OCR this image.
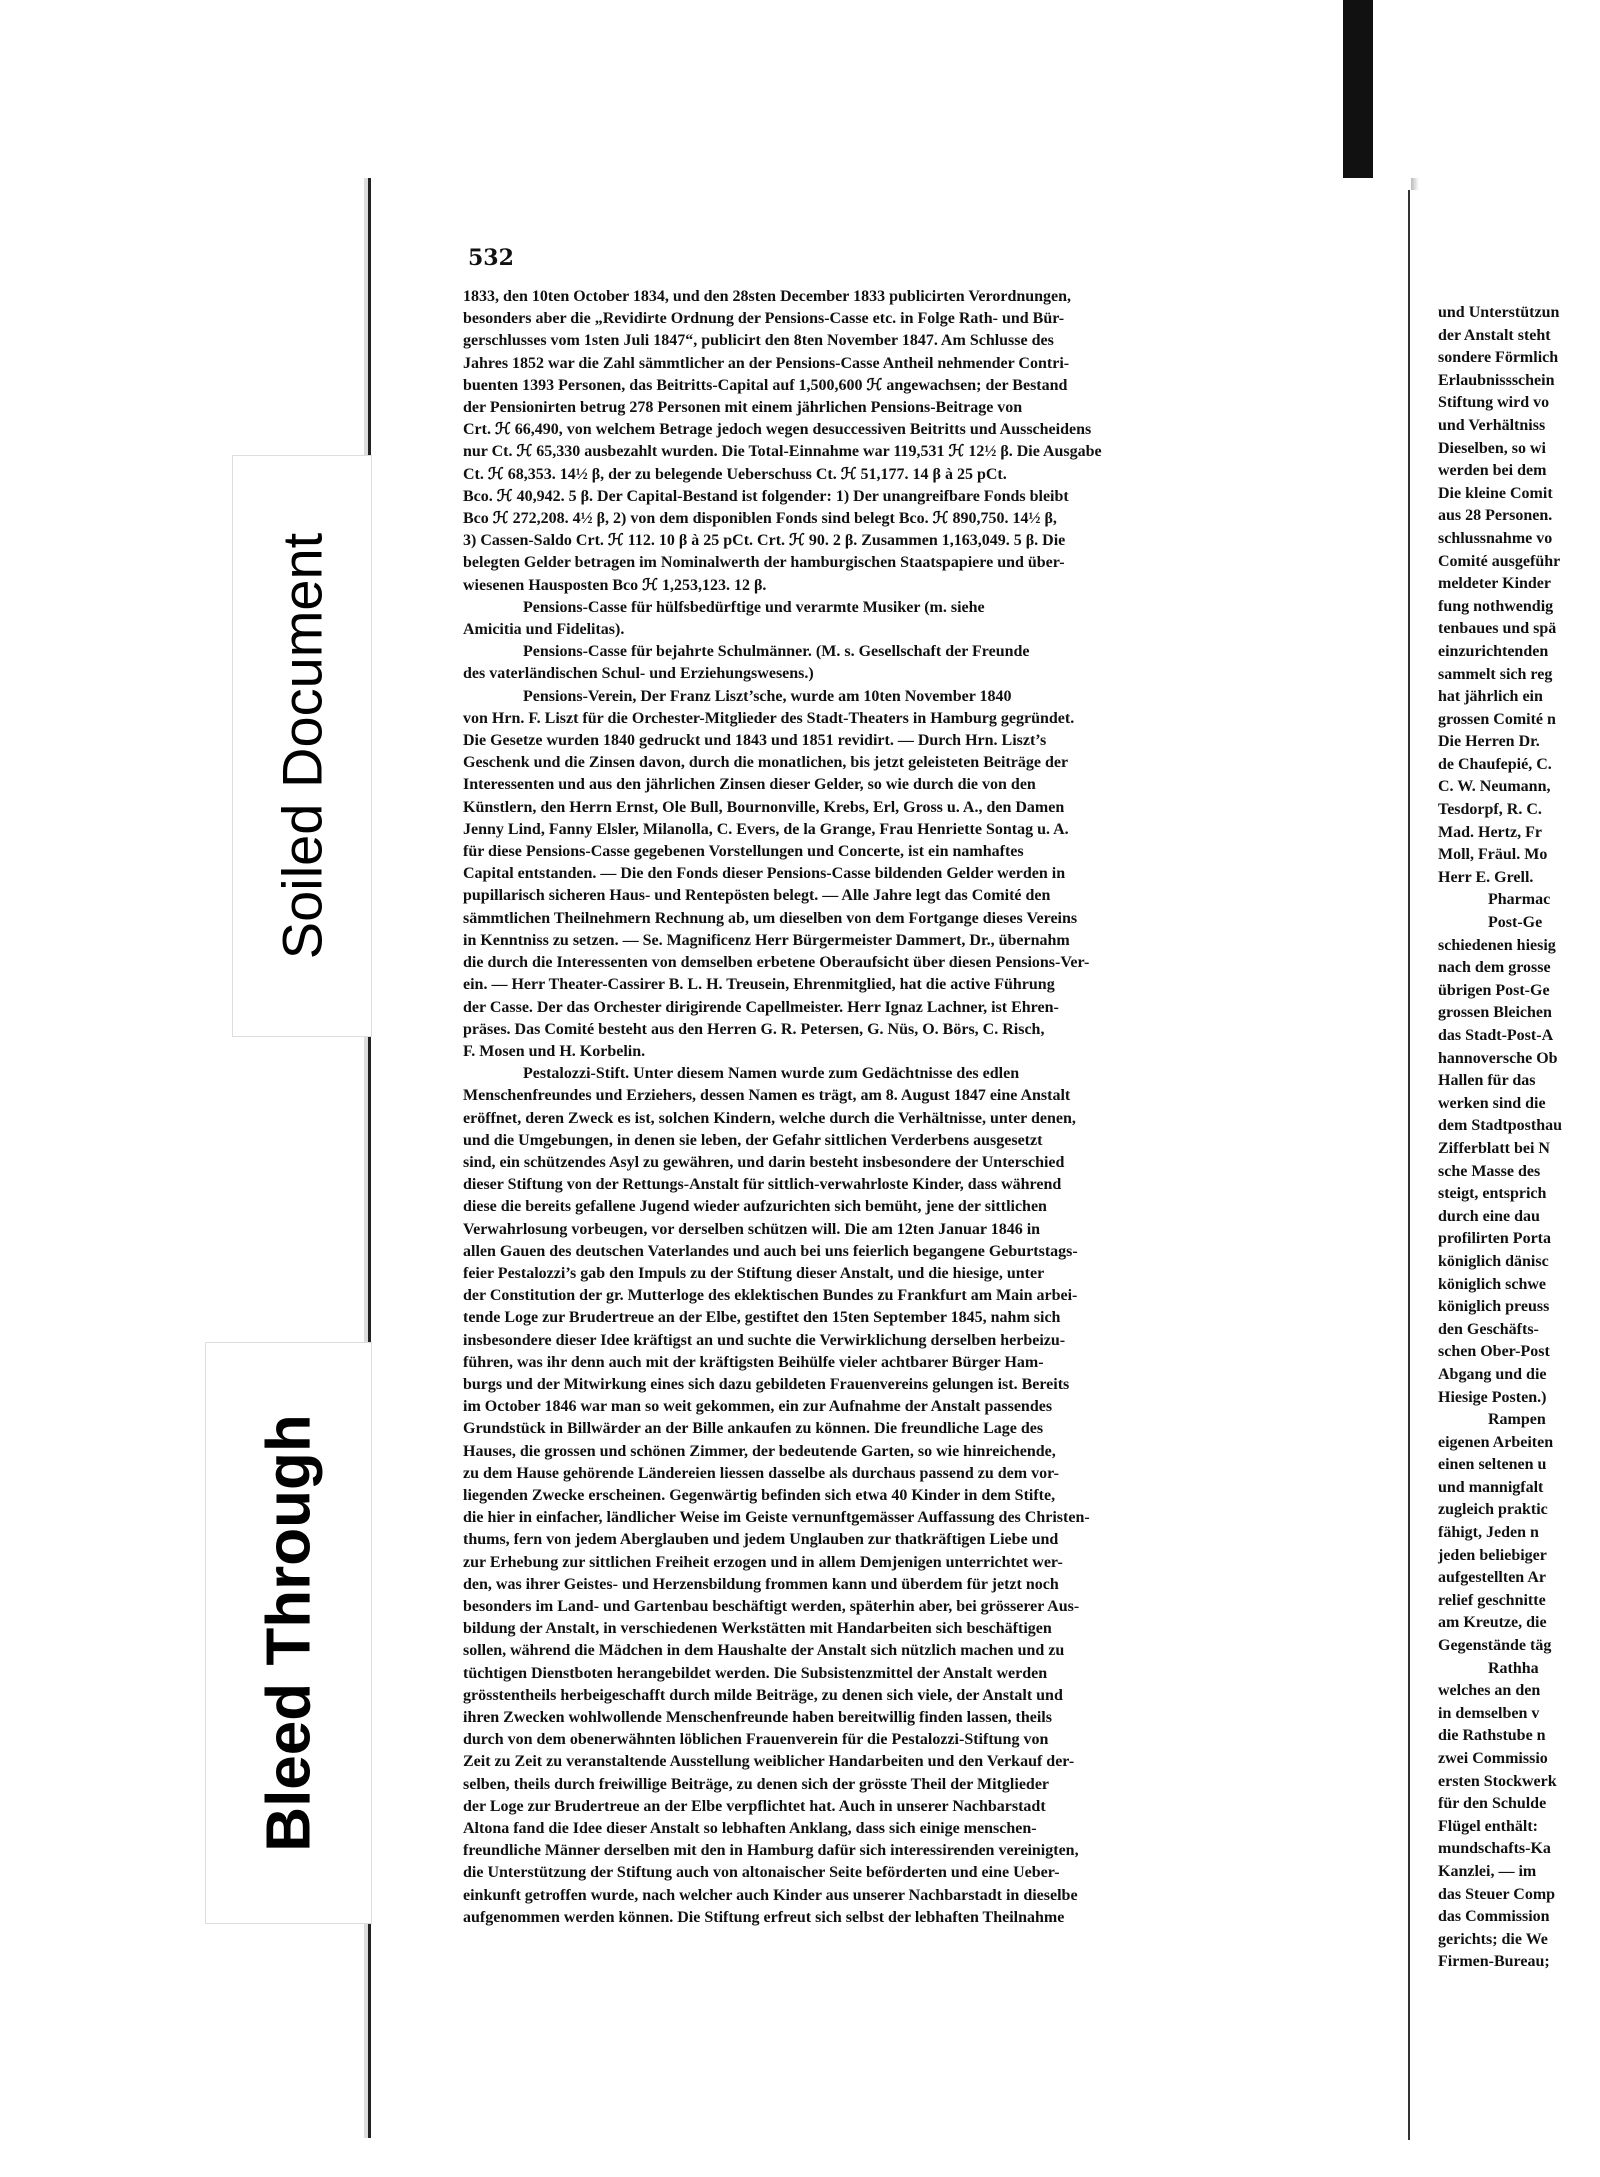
532
1833, den 10ten October 1834, und den 28sten December 1833 publicirten Verordnungen,
besonders aber die „Revidirte Ordnung der Pensions-Casse etc. in Folge Rath- und Bür-
gerschlusses vom 1sten Juli 1847“, publicirt den 8ten November 1847. Am Schlusse des
Jahres 1852 war die Zahl sämmtlicher an der Pensions-Casse Antheil nehmender Contri-
buenten 1393 Personen, das Beitritts-Capital auf 1,500,600 ℋ angewachsen; der Bestand
der Pensionirten betrug 278 Personen mit einem jährlichen Pensions-Beitrage von
Crt. ℋ 66,490, von welchem Betrage jedoch wegen desuccessiven Beitritts und Ausscheidens
nur Ct. ℋ 65,330 ausbezahlt wurden. Die Total-Einnahme war 119,531 ℋ 12½ β. Die Ausgabe
Ct. ℋ 68,353. 14½ β, der zu belegende Ueberschuss Ct. ℋ 51,177. 14 β à 25 pCt.
Bco. ℋ 40,942. 5 β. Der Capital-Bestand ist folgender: 1) Der unangreifbare Fonds bleibt
Bco ℋ 272,208. 4½ β, 2) von dem disponiblen Fonds sind belegt Bco. ℋ 890,750. 14½ β,
3) Cassen-Saldo Crt. ℋ 112. 10 β à 25 pCt. Crt. ℋ 90. 2 β. Zusammen 1,163,049. 5 β. Die
belegten Gelder betragen im Nominalwerth der hamburgischen Staatspapiere und über-
wiesenen Hausposten Bco ℋ 1,253,123. 12 β.
Pensions-Casse für hülfsbedürftige und verarmte Musiker (m. siehe
Amicitia und Fidelitas).
Pensions-Casse für bejahrte Schulmänner. (M. s. Gesellschaft der Freunde
des vaterländischen Schul- und Erziehungswesens.)
Pensions-Verein, Der Franz Liszt’sche, wurde am 10ten November 1840
von Hrn. F. Liszt für die Orchester-Mitglieder des Stadt-Theaters in Hamburg gegründet.
Die Gesetze wurden 1840 gedruckt und 1843 und 1851 revidirt. — Durch Hrn. Liszt’s
Geschenk und die Zinsen davon, durch die monatlichen, bis jetzt geleisteten Beiträge der
Interessenten und aus den jährlichen Zinsen dieser Gelder, so wie durch die von den
Künstlern, den Herrn Ernst, Ole Bull, Bournonville, Krebs, Erl, Gross u. A., den Damen
Jenny Lind, Fanny Elsler, Milanolla, C. Evers, de la Grange, Frau Henriette Sontag u. A.
für diese Pensions-Casse gegebenen Vorstellungen und Concerte, ist ein namhaftes
Capital entstanden. — Die den Fonds dieser Pensions-Casse bildenden Gelder werden in
pupillarisch sicheren Haus- und Rentepösten belegt. — Alle Jahre legt das Comité den
sämmtlichen Theilnehmern Rechnung ab, um dieselben von dem Fortgange dieses Vereins
in Kenntniss zu setzen. — Se. Magnificenz Herr Bürgermeister Dammert, Dr., übernahm
die durch die Interessenten von demselben erbetene Oberaufsicht über diesen Pensions-Ver-
ein. — Herr Theater-Cassirer B. L. H. Treusein, Ehrenmitglied, hat die active Führung
der Casse. Der das Orchester dirigirende Capellmeister. Herr Ignaz Lachner, ist Ehren-
präses. Das Comité besteht aus den Herren G. R. Petersen, G. Nüs, O. Börs, C. Risch,
F. Mosen und H. Korbelin.
Pestalozzi-Stift. Unter diesem Namen wurde zum Gedächtnisse des edlen
Menschenfreundes und Erziehers, dessen Namen es trägt, am 8. August 1847 eine Anstalt
eröffnet, deren Zweck es ist, solchen Kindern, welche durch die Verhältnisse, unter denen,
und die Umgebungen, in denen sie leben, der Gefahr sittlichen Verderbens ausgesetzt
sind, ein schützendes Asyl zu gewähren, und darin besteht insbesondere der Unterschied
dieser Stiftung von der Rettungs-Anstalt für sittlich-verwahrloste Kinder, dass während
diese die bereits gefallene Jugend wieder aufzurichten sich bemüht, jene der sittlichen
Verwahrlosung vorbeugen, vor derselben schützen will. Die am 12ten Januar 1846 in
allen Gauen des deutschen Vaterlandes und auch bei uns feierlich begangene Geburtstags-
feier Pestalozzi’s gab den Impuls zu der Stiftung dieser Anstalt, und die hiesige, unter
der Constitution der gr. Mutterloge des eklektischen Bundes zu Frankfurt am Main arbei-
tende Loge zur Brudertreue an der Elbe, gestiftet den 15ten September 1845, nahm sich
insbesondere dieser Idee kräftigst an und suchte die Verwirklichung derselben herbeizu-
führen, was ihr denn auch mit der kräftigsten Beihülfe vieler achtbarer Bürger Ham-
burgs und der Mitwirkung eines sich dazu gebildeten Frauenvereins gelungen ist. Bereits
im October 1846 war man so weit gekommen, ein zur Aufnahme der Anstalt passendes
Grundstück in Billwärder an der Bille ankaufen zu können. Die freundliche Lage des
Hauses, die grossen und schönen Zimmer, der bedeutende Garten, so wie hinreichende,
zu dem Hause gehörende Ländereien liessen dasselbe als durchaus passend zu dem vor-
liegenden Zwecke erscheinen. Gegenwärtig befinden sich etwa 40 Kinder in dem Stifte,
die hier in einfacher, ländlicher Weise im Geiste vernunftgemässer Auffassung des Christen-
thums, fern von jedem Aberglauben und jedem Unglauben zur thatkräftigen Liebe und
zur Erhebung zur sittlichen Freiheit erzogen und in allem Demjenigen unterrichtet wer-
den, was ihrer Geistes- und Herzensbildung frommen kann und überdem für jetzt noch
besonders im Land- und Gartenbau beschäftigt werden, späterhin aber, bei grösserer Aus-
bildung der Anstalt, in verschiedenen Werkstätten mit Handarbeiten sich beschäftigen
sollen, während die Mädchen in dem Haushalte der Anstalt sich nützlich machen und zu
tüchtigen Dienstboten herangebildet werden. Die Subsistenzmittel der Anstalt werden
grösstentheils herbeigeschafft durch milde Beiträge, zu denen sich viele, der Anstalt und
ihren Zwecken wohlwollende Menschenfreunde haben bereitwillig finden lassen, theils
durch von dem obenerwähnten löblichen Frauenverein für die Pestalozzi-Stiftung von
Zeit zu Zeit zu veranstaltende Ausstellung weiblicher Handarbeiten und den Verkauf der-
selben, theils durch freiwillige Beiträge, zu denen sich der grösste Theil der Mitglieder
der Loge zur Brudertreue an der Elbe verpflichtet hat. Auch in unserer Nachbarstadt
Altona fand die Idee dieser Anstalt so lebhaften Anklang, dass sich einige menschen-
freundliche Männer derselben mit den in Hamburg dafür sich interessirenden vereinigten,
die Unterstützung der Stiftung auch von altonaischer Seite beförderten und eine Ueber-
einkunft getroffen wurde, nach welcher auch Kinder aus unserer Nachbarstadt in dieselbe
aufgenommen werden können. Die Stiftung erfreut sich selbst der lebhaften Theilnahme
und Unterstützun
der Anstalt steht
sondere Förmlich
Erlaubnissschein
Stiftung wird vo
und Verhältniss
Dieselben, so wi
werden bei dem
Die kleine Comit
aus 28 Personen.
schlussnahme vo
Comité ausgeführ
meldeter Kinder
fung nothwendig
tenbaues und spä
einzurichtenden
sammelt sich reg
hat jährlich ein
grossen Comité n
Die Herren Dr.
de Chaufepié, C.
C. W. Neumann,
Tesdorpf, R. C.
Mad. Hertz, Fr
Moll, Fräul. Mo
Herr E. Grell.
Pharmac
Post-Ge
schiedenen hiesig
nach dem grosse
übrigen Post-Ge
grossen Bleichen
das Stadt-Post-A
hannoversche Ob
Hallen für das
werken sind die
dem Stadtposthau
Zifferblatt bei N
sche Masse des
steigt, entsprich
durch eine dau
profilirten Porta
königlich dänisc
königlich schwe
königlich preuss
den Geschäfts-
schen Ober-Post
Abgang und die
Hiesige Posten.)
Rampen
eigenen Arbeiten
einen seltenen u
und mannigfalt
zugleich praktic
fähigt, Jeden n
jeden beliebiger
aufgestellten Ar
relief geschnitte
am Kreutze, die
Gegenstände täg
Rathha
welches an den
in demselben v
die Rathstube n
zwei Commissio
ersten Stockwerk
für den Schulde
Flügel enthält:
mundschafts-Ka
Kanzlei, — im
das Steuer Comp
das Commission
gerichts; die We
Firmen-Bureau;
Soiled Document
Bleed Through
